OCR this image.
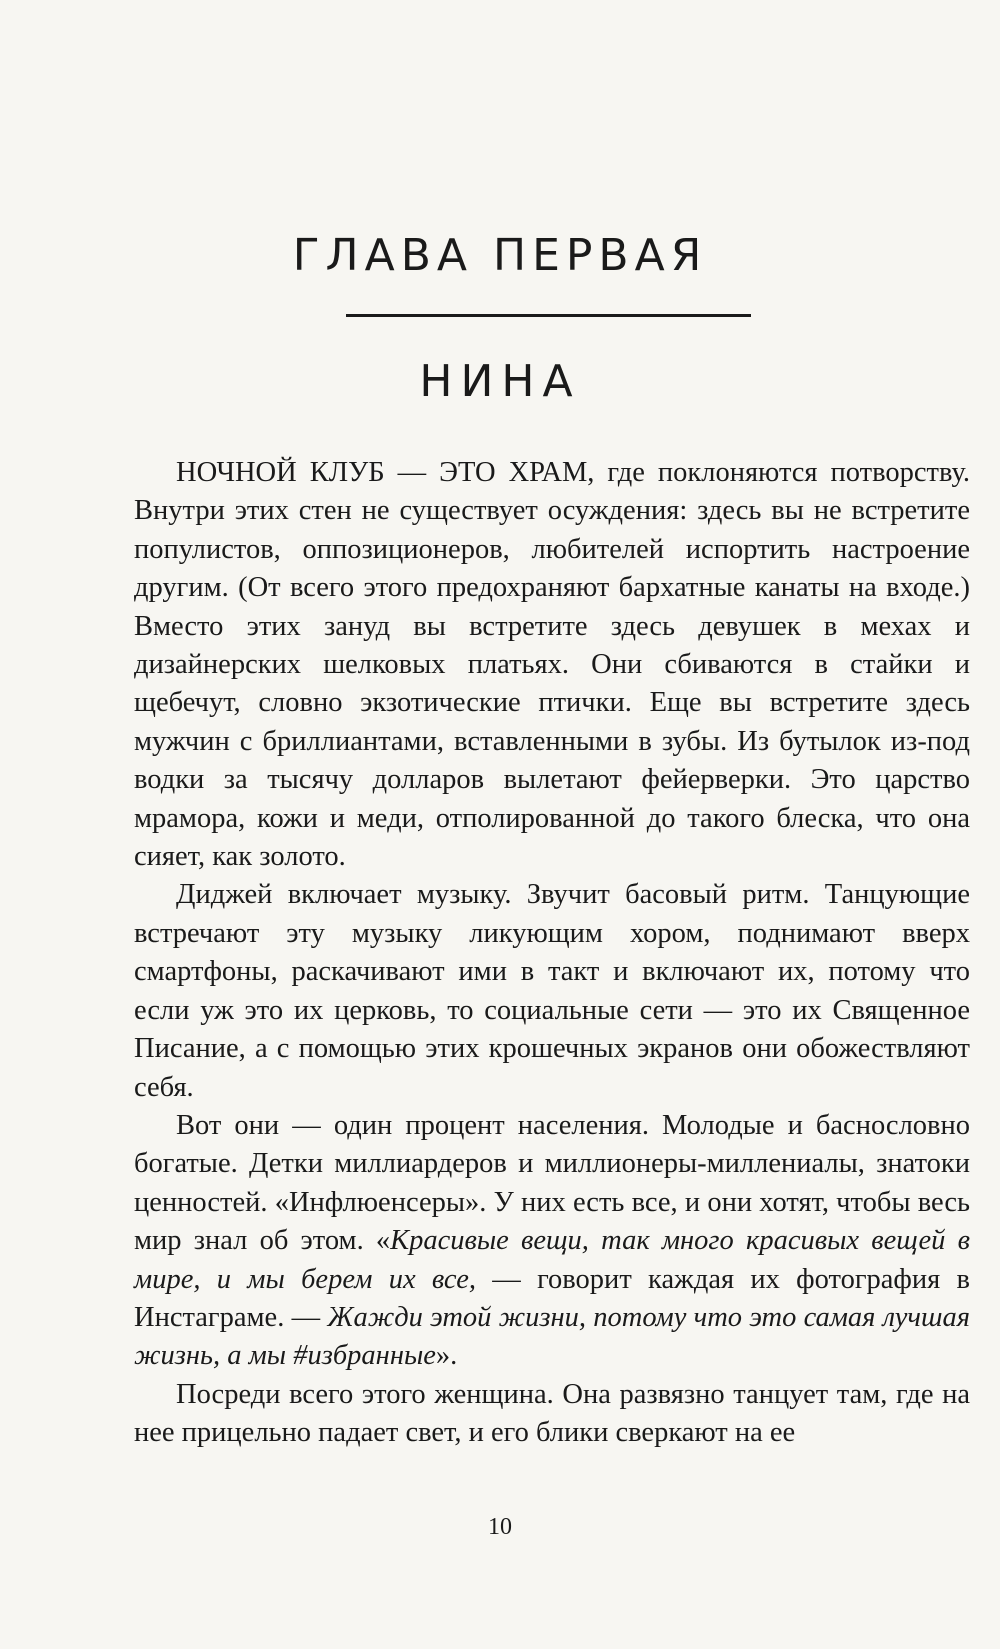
ГЛАВА ПЕРВАЯ
НИНА

НОЧНОЙ КЛУБ — ЭТО ХРАМ, где поклоняются потворству. Внутри этих стен не существует осуждения: здесь вы не встретите популистов, оппозиционеров, любителей испортить настроение другим. (От всего этого предохраняют бархатные канаты на входе.) Вместо этих зануд вы встретите здесь девушек в мехах и дизайнерских шелковых платьях. Они сбиваются в стайки и щебечут, словно экзотические птички. Еще вы встретите здесь мужчин с бриллиантами, вставленными в зубы. Из бутылок из-под водки за тысячу долларов вылетают фейерверки. Это царство мрамора, кожи и меди, отполированной до такого блеска, что она сияет, как золото.

Диджей включает музыку. Звучит басовый ритм. Танцующие встречают эту музыку ликующим хором, поднимают вверх смартфоны, раскачивают ими в такт и включают их, потому что если уж это их церковь, то социальные сети — это их Священное Писание, а с помощью этих крошечных экранов они обожествляют себя.

Вот они — один процент населения. Молодые и баснословно богатые. Детки миллиардеров и миллионеры-миллениалы, знатоки ценностей. «Инфлюенсеры». У них есть все, и они хотят, чтобы весь мир знал об этом. «Красивые вещи, так много красивых вещей в мире, и мы берем их все, — говорит каждая их фотография в Инстаграме. — Жажди этой жизни, потому что это самая лучшая жизнь, а мы #избранные».

Посреди всего этого женщина. Она развязно танцует там, где на нее прицельно падает свет, и его блики сверкают на ее

10
